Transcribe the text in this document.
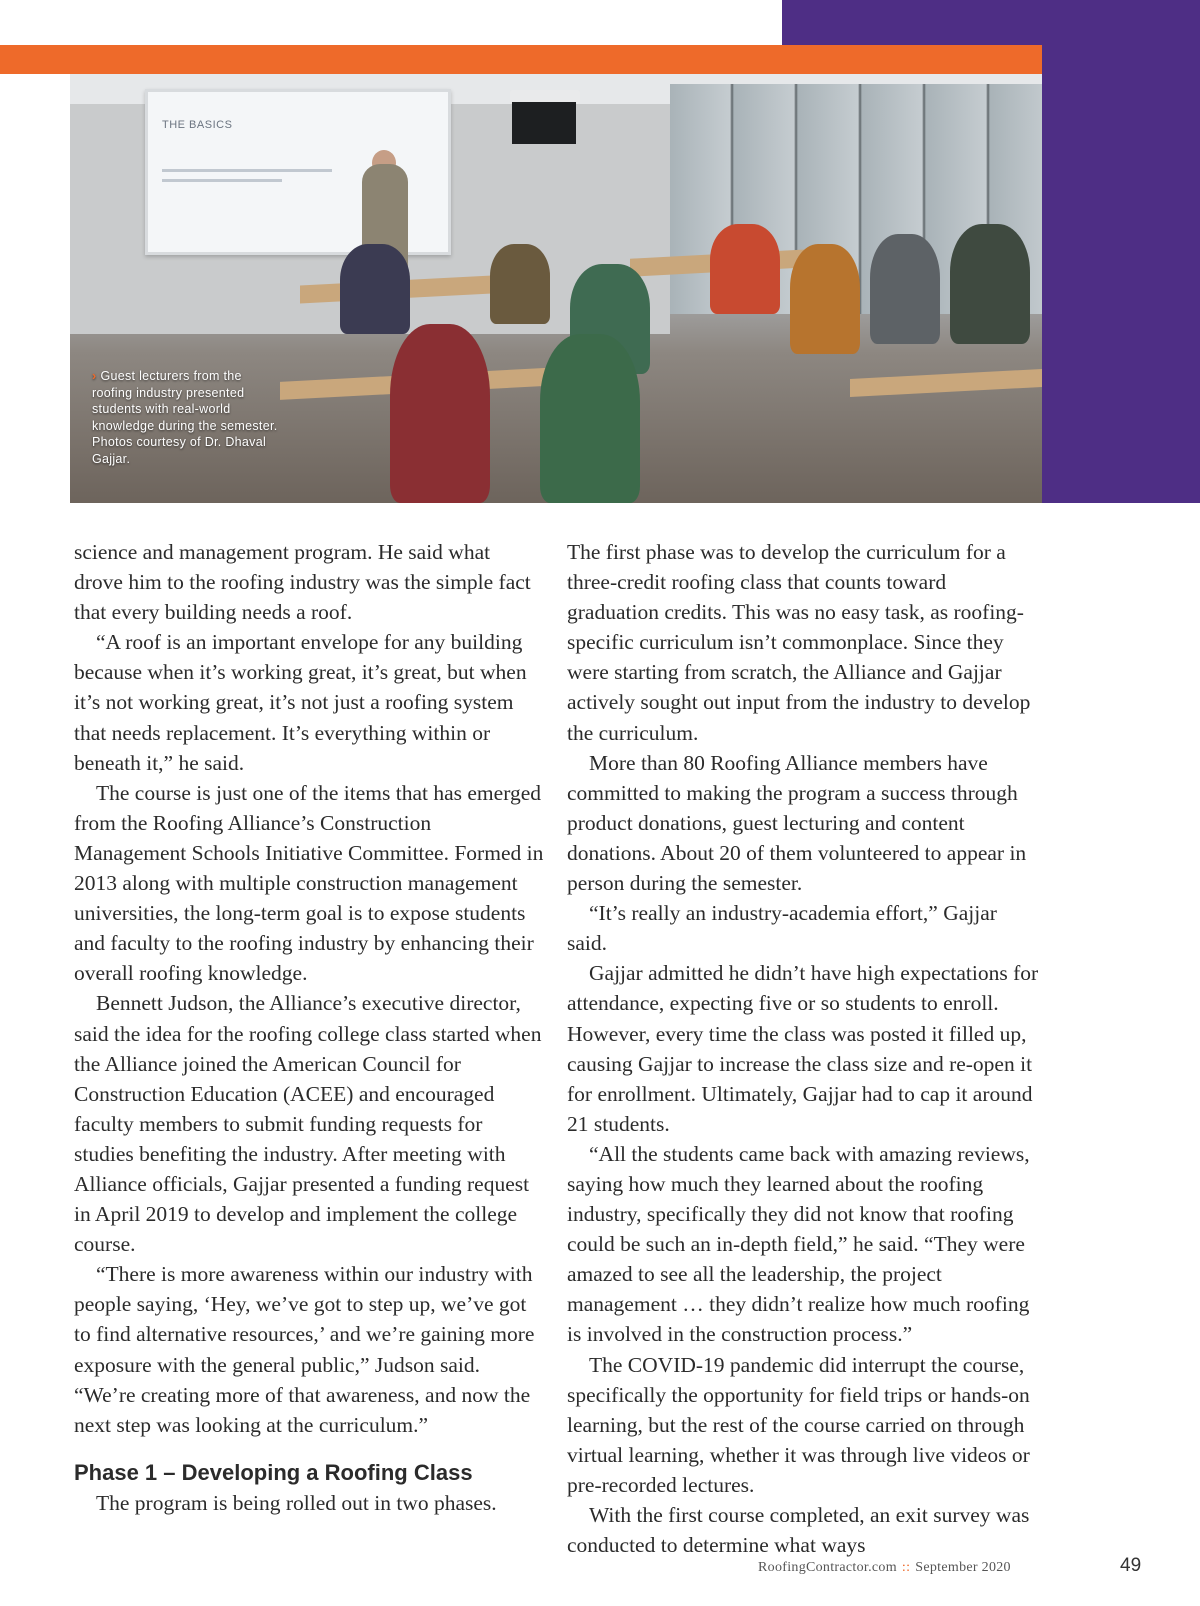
THE BASICS
› Guest lecturers from the roofing industry presented students with real-world knowledge during the semester. Photos courtesy of Dr. Dhaval Gajjar.

science and management program. He said what drove him to the roofing industry was the simple fact that every building needs a roof.

“A roof is an important envelope for any building because when it’s working great, it’s great, but when it’s not working great, it’s not just a roofing system that needs replacement. It’s everything within or beneath it,” he said.

The course is just one of the items that has emerged from the Roofing Alliance’s Construction Management Schools Initiative Committee. Formed in 2013 along with multiple construction management universities, the long-term goal is to expose students and faculty to the roofing industry by enhancing their overall roofing knowledge.

Bennett Judson, the Alliance’s executive director, said the idea for the roofing college class started when the Alliance joined the American Council for Construction Education (ACEE) and encouraged faculty members to submit funding requests for studies benefiting the industry. After meeting with Alliance officials, Gajjar presented a funding request in April 2019 to develop and implement the college course.

“There is more awareness within our industry with people saying, ‘Hey, we’ve got to step up, we’ve got to find alternative resources,’ and we’re gaining more exposure with the general public,” Judson said. “We’re creating more of that awareness, and now the next step was looking at the curriculum.”

Phase 1 – Developing a Roofing Class

The program is being rolled out in two phases.

The first phase was to develop the curriculum for a three-credit roofing class that counts toward graduation credits. This was no easy task, as roofing-specific curriculum isn’t commonplace. Since they were starting from scratch, the Alliance and Gajjar actively sought out input from the industry to develop the curriculum.

More than 80 Roofing Alliance members have committed to making the program a success through product donations, guest lecturing and content donations. About 20 of them volunteered to appear in person during the semester.

“It’s really an industry-academia effort,” Gajjar said.

Gajjar admitted he didn’t have high expectations for attendance, expecting five or so students to enroll. However, every time the class was posted it filled up, causing Gajjar to increase the class size and re-open it for enrollment. Ultimately, Gajjar had to cap it around 21 students.

“All the students came back with amazing reviews, saying how much they learned about the roofing industry, specifically they did not know that roofing could be such an in-depth field,” he said. “They were amazed to see all the leadership, the project management … they didn’t realize how much roofing is involved in the construction process.”

The COVID-19 pandemic did interrupt the course, specifically the opportunity for field trips or hands-on learning, but the rest of the course carried on through virtual learning, whether it was through live videos or pre-recorded lectures.

With the first course completed, an exit survey was conducted to determine what ways

RoofingContractor.com :: September 2020	49
